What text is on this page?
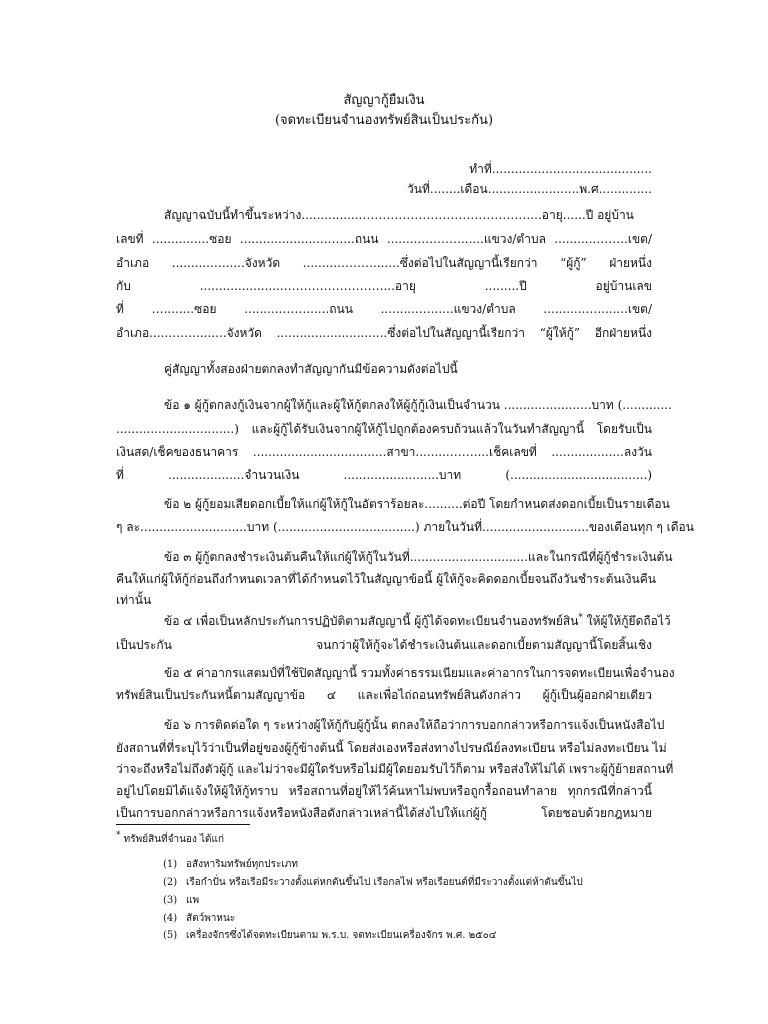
สัญญากู้ยืมเงิน
(จดทะเบียนจำนองทรัพย์สินเป็นประกัน)
ทำที่..........................................
วันที่........เดือน........................พ.ศ..............
สัญญาฉบับนี้ทำขึ้นระหว่าง................……………………………………...อายุ......ปี อยู่บ้าน
เลขที่ ...............ซอย .......................…....ถนน .........….……......แขวง/ตำบล ...........……..เขต/
อำเภอ ..........…......จังหวัด .........……….......ซึ่งต่อไปในสัญญานี้เรียกว่า “ผู้กู้” ฝ่ายหนึ่ง
กับ ......................……………………....อายุ .........ปี อยู่บ้านเลข
ที่ …........ซอย ..........……......ถนน ..........…......แขวง/ตำบล ...........…........เขต/
อำเภอ.....…….........จังหวัด .............................ซึ่งต่อไปในสัญญานี้เรียกว่า “ผู้ให้กู้” อีกฝ่ายหนึ่ง
คู่สัญญาทั้งสองฝ่ายตกลงทำสัญญากันมีข้อความดังต่อไปนี้
ข้อ ๑ ผู้กู้ตกลงกู้เงินจากผู้ให้กู้และผู้ให้กู้ตกลงให้ผู้กู้กู้เงินเป็นจำนวน .......................บาท (.............
...............................) และผู้กู้ได้รับเงินจากผู้ให้กู้ไปถูกต้องครบถ้วนแล้วในวันทำสัญญานี้ โดยรับเป็น
เงินสด/เช็คของธนาคาร ...................................สาขา.........……....เช็คเลขที่ ...................ลงวัน
ที่ ....................จำนวนเงิน .........................บาท (....................................)
ข้อ ๒ ผู้กู้ยอมเสียดอกเบี้ยให้แก่ผู้ให้กู้ในอัตราร้อยละ..........ต่อปี โดยกำหนดส่งดอกเบี้ยเป็นรายเดือน
ๆ ละ............................บาท (....................................) ภายในวันที่............................ของเดือนทุก ๆ เดือน
ข้อ ๓ ผู้กู้ตกลงชำระเงินต้นคืนให้แก่ผู้ให้กู้ในวันที่...............................และในกรณีที่ผู้กู้ชำระเงินต้น
คืนให้แก่ผู้ให้กู้ก่อนถึงกำหนดเวลาที่ได้กำหนดไว้ในสัญญาข้อนี้ ผู้ให้กู้จะคิดดอกเบี้ยจนถึงวันชำระต้นเงินคืน
เท่านั้น
ข้อ ๔ เพื่อเป็นหลักประกันการปฏิบัติตามสัญญานี้ ผู้กู้ได้จดทะเบียนจำนองทรัพย์สิน* ให้ผู้ให้กู้ยึดถือไว้
เป็นประกัน จนกว่าผู้ให้กู้จะได้ชำระเงินต้นและดอกเบี้ยตามสัญญานี้โดยสิ้นเชิง
ข้อ ๕ ค่าอากรแสตมป์ที่ใช้ปิดสัญญานี้ รวมทั้งค่าธรรมเนียมและค่าอากรในการจดทะเบียนเพื่อจำนอง
ทรัพย์สินเป็นประกันหนี้ตามสัญญาข้อ ๔ และเพื่อไถ่ถอนทรัพย์สินดังกล่าว ผู้กู้เป็นผู้ออกฝ่ายเดียว
ข้อ ๖ การติดต่อใด ๆ ระหว่างผู้ให้กู้กับผู้กู้นั้น ตกลงให้ถือว่าการบอกกล่าวหรือการแจ้งเป็นหนังสือไป
ยังสถานที่ที่ระบุไว้ว่าเป็นที่อยู่ของผู้กู้ข้างต้นนี้ โดยส่งเองหรือส่งทางไปรษณีย์ลงทะเบียน หรือไม่ลงทะเบียน ไม่
ว่าจะถึงหรือไม่ถึงตัวผู้กู้ และไม่ว่าจะมีผู้ใดรับหรือไม่มีผู้ใดยอมรับไว้ก็ตาม หรือส่งให้ไม่ได้ เพราะผู้กู้ย้ายสถานที่
อยู่ไปโดยมิได้แจ้งให้ผู้ให้กู้ทราบ หรือสถานที่อยู่ให้ไว้ค้นหาไม่พบหรือถูกรื้อถอนทำลาย ทุกกรณีที่กล่าวนี้
เป็นการบอกกล่าวหรือการแจ้งหรือหนังสือดังกล่าวเหล่านี้ได้ส่งไปให้แก่ผู้กู้ โดยชอบด้วยกฎหมาย
* ทรัพย์สินที่จำนอง ได้แก่
(1) อสังหาริมทรัพย์ทุกประเภท
(2) เรือกำปั่น หรือเรือมีระวางตั้งแต่หกตันขึ้นไป เรือกลไฟ หรือเรือยนต์ที่มีระวางตั้งแต่ห้าตันขึ้นไป
(3) แพ
(4) สัตว์พาหนะ
(5) เครื่องจักรซึ่งได้จดทะเบียนตาม พ.ร.บ. จดทะเบียนเครื่องจักร พ.ศ. ๒๕๐๔
